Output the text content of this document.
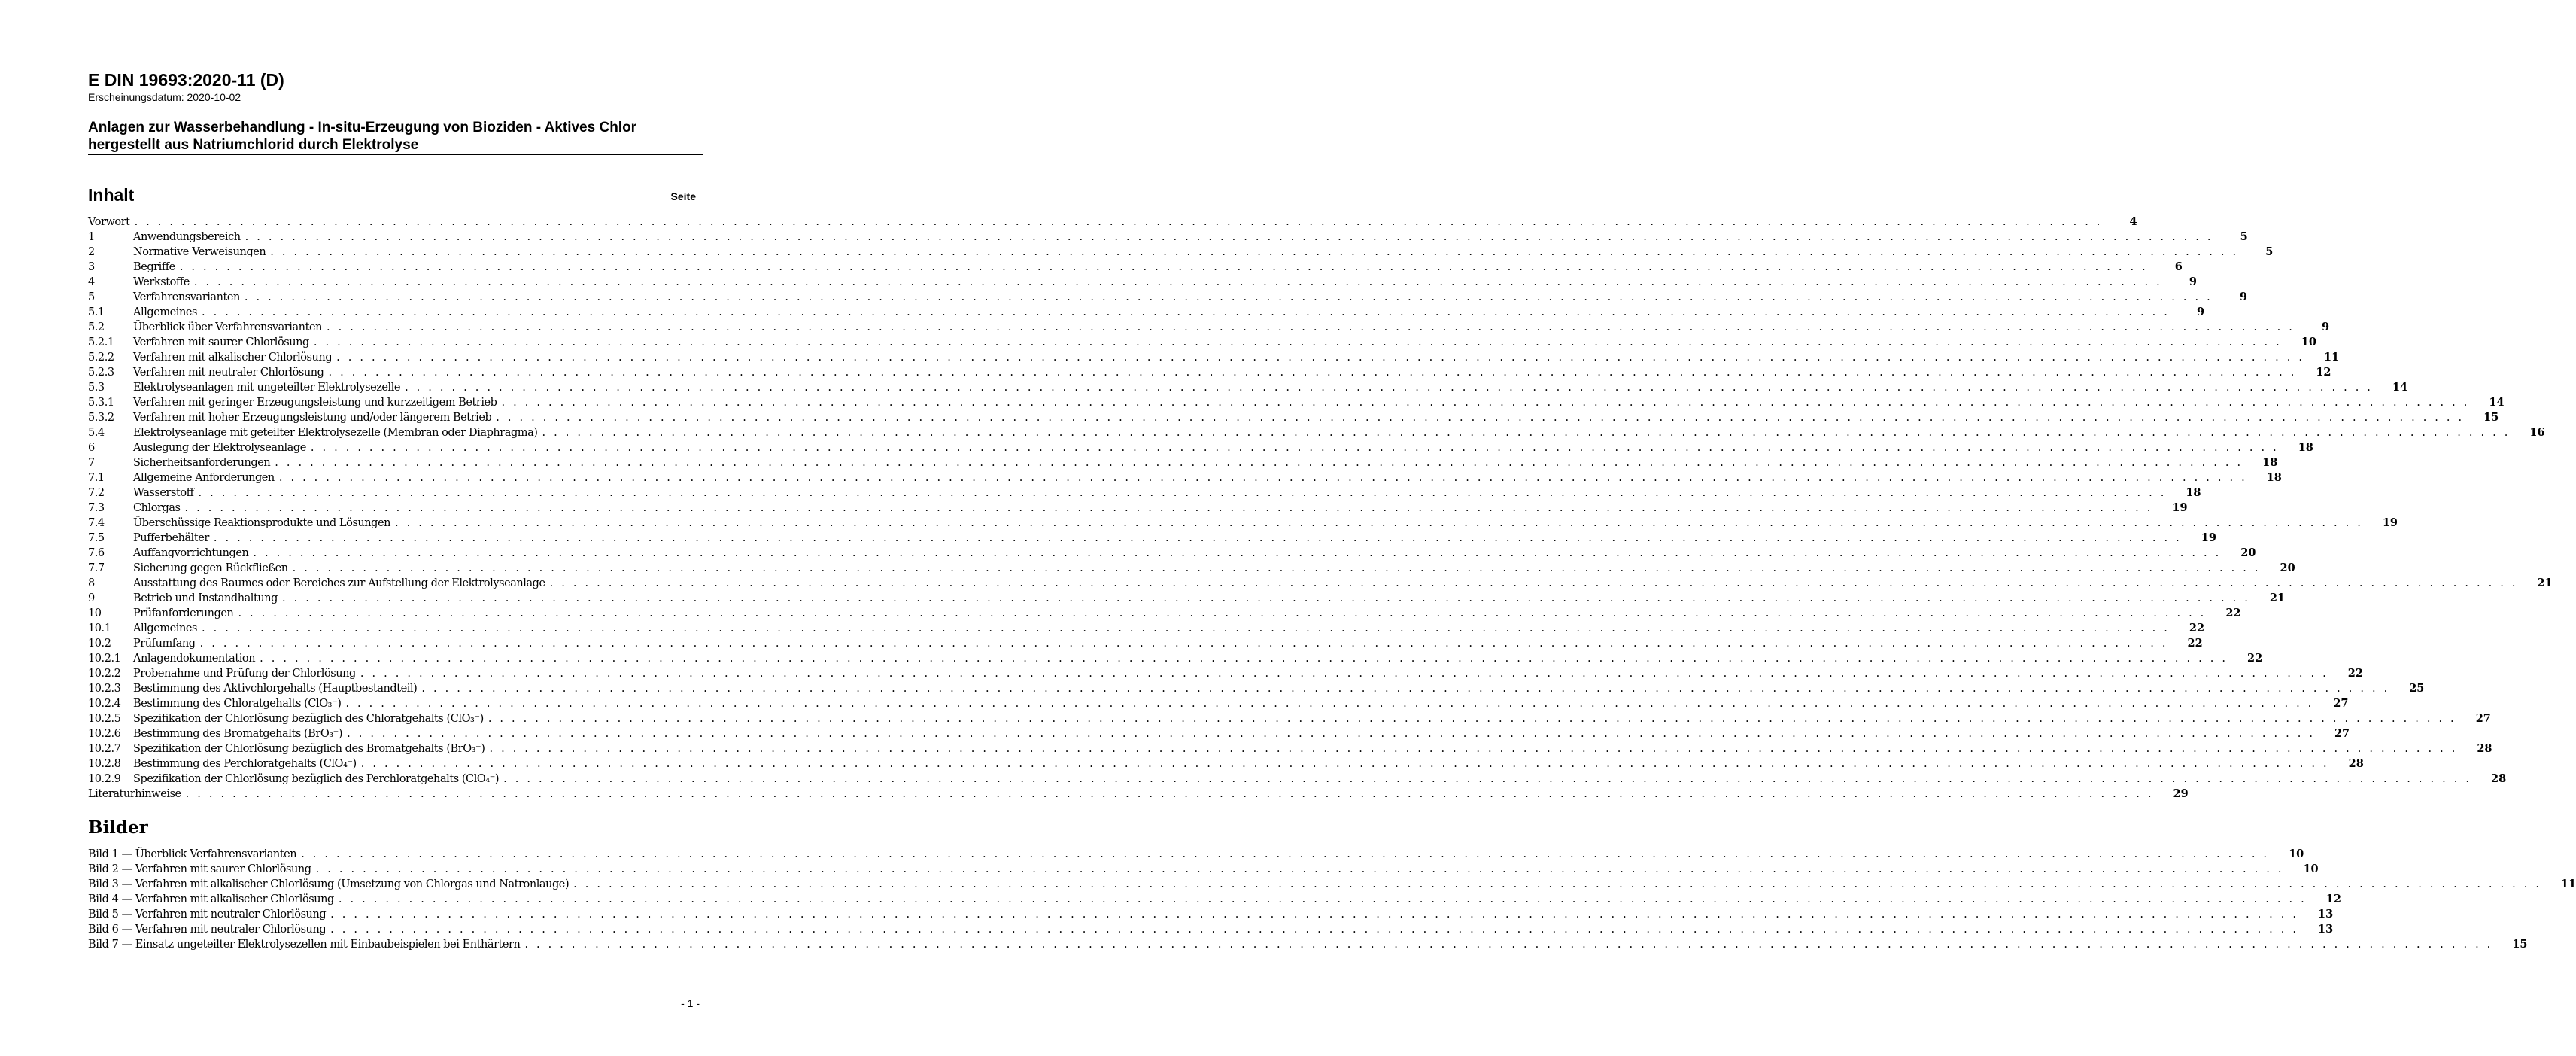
E DIN 19693:2020-11 (D)

Erscheinungsdatum: 2020-10-02

Anlagen zur Wasserbehandlung - In-situ-Erzeugung von Bioziden - Aktives Chlor hergestellt aus Natriumchlorid durch Elektrolyse

Inhalt	Seite
Vorwort . . .	4
1	Anwendungsbereich . . .	5
2	Normative Verweisungen . . .	5
3	Begriffe . . .	6
4	Werkstoffe . . .	9
5	Verfahrensvarianten . . .	9
5.1	Allgemeines . . .	9
5.2	Überblick über Verfahrensvarianten . . .	9
5.2.1	Verfahren mit saurer Chlorlösung . . .	10
5.2.2	Verfahren mit alkalischer Chlorlösung . . .	11
5.2.3	Verfahren mit neutraler Chlorlösung . . .	12
5.3	Elektrolyseanlagen mit ungeteilter Elektrolysezelle . . .	14
5.3.1	Verfahren mit geringer Erzeugungsleistung und kurzzeitigem Betrieb . . .	14
5.3.2	Verfahren mit hoher Erzeugungsleistung und/oder längerem Betrieb . . .	15
5.4	Elektrolyseanlage mit geteilter Elektrolysezelle (Membran oder Diaphragma) . . .	16
6	Auslegung der Elektrolyseanlage . . .	18
7	Sicherheitsanforderungen . . .	18
7.1	Allgemeine Anforderungen . . .	18
7.2	Wasserstoff . . .	18
7.3	Chlorgas . . .	19
7.4	Überschüssige Reaktionsprodukte und Lösungen . . .	19
7.5	Pufferbehälter . . .	19
7.6	Auffangvorrichtungen . . .	20
7.7	Sicherung gegen Rückfließen . . .	20
8	Ausstattung des Raumes oder Bereiches zur Aufstellung der Elektrolyseanlage . . .	21
9	Betrieb und Instandhaltung . . .	21
10	Prüfanforderungen . . .	22
10.1	Allgemeines . . .	22
10.2	Prüfumfang . . .	22
10.2.1	Anlagendokumentation . . .	22
10.2.2	Probenahme und Prüfung der Chlorlösung . . .	22
10.2.3	Bestimmung des Aktivchlorgehalts (Hauptbestandteil) . . .	25
10.2.4	Bestimmung des Chloratgehalts (ClO₃⁻) . . .	27
10.2.5	Spezifikation der Chlorlösung bezüglich des Chloratgehalts (ClO₃⁻) . . .	27
10.2.6	Bestimmung des Bromatgehalts (BrO₃⁻) . . .	27
10.2.7	Spezifikation der Chlorlösung bezüglich des Bromatgehalts (BrO₃⁻) . . .	28
10.2.8	Bestimmung des Perchloratgehalts (ClO₄⁻) . . .	28
10.2.9	Spezifikation der Chlorlösung bezüglich des Perchloratgehalts (ClO₄⁻) . . .	28
Literaturhinweise . . .	29
Bilder
Bild 1 — Überblick Verfahrensvarianten . . .	10
Bild 2 — Verfahren mit saurer Chlorlösung . . .	10
Bild 3 — Verfahren mit alkalischer Chlorlösung (Umsetzung von Chlorgas und Natronlauge) . . .	11
Bild 4 — Verfahren mit alkalischer Chlorlösung . . .	12
Bild 5 — Verfahren mit neutraler Chlorlösung . . .	13
Bild 6 — Verfahren mit neutraler Chlorlösung . . .	13
Bild 7 — Einsatz ungeteilter Elektrolysezellen mit Einbaubeispielen bei Enthärtern . . .	15
- 1 -
